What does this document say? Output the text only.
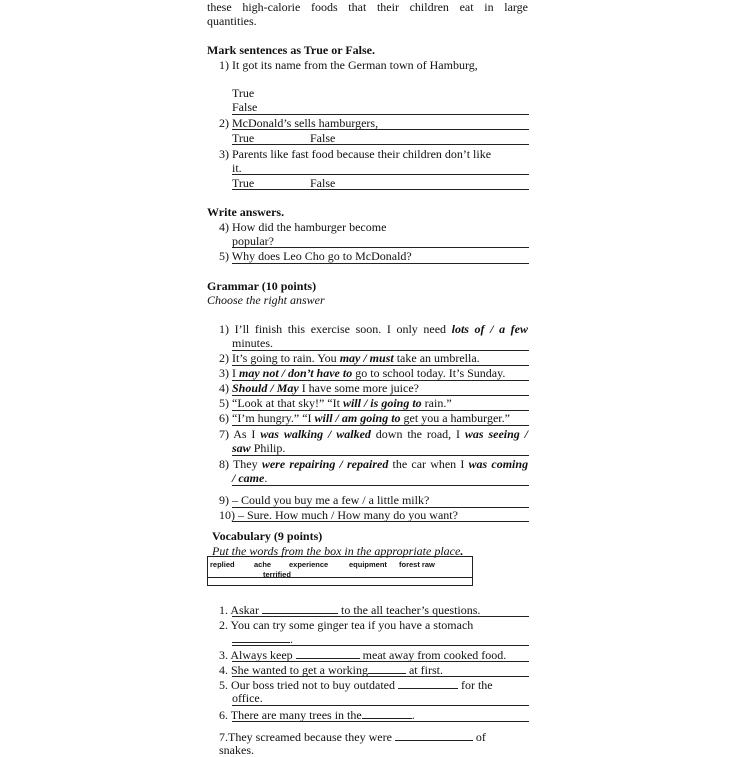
these high-calorie foods that their children eat in large
quantities.
Mark sentences as True or False.
1) It got its name from the German town of Hamburg,
True
False
2) McDonald’s sells hamburgers,
True	False
3) Parents like fast food because their children don’t like
it.
True	False
Write answers.
4) How did the hamburger become
popular?
5) Why does Leo Cho go to McDonald?
Grammar (10 points)
Choose the right answer
1) I’ll finish this exercise soon. I only need lots of / a few
minutes.
2) It’s going to rain. You may / must take an umbrella.
3) I may not / don’t have to go to school today. It’s Sunday.
4) Should / May I have some more juice?
5) “Look at that sky!” “It will / is going to rain.”
6) “I’m hungry.” “I will / am going to get you a hamburger.”
7) As I was walking / walked down the road, I was seeing /
saw Philip.
8) They were repairing / repaired the car when I was coming
/ came.
9) – Could you buy me a few / a little milk?
10) – Sure. How much / How many do you want?
Vocabulary (9 points)
Put the words from the box in the appropriate place.
replied	ache experience	equipment forest raw
terrified
1. Askar	to the all teacher’s questions.
2. You can try some ginger tea if you have a stomach
.
3. Always keep	meat away from cooked food.
4. She wanted to get a working	at first.
5. Our boss tried not to buy outdated	for the
office.
6. There are many trees in the	.
7.They screamed because they were	of
snakes.
